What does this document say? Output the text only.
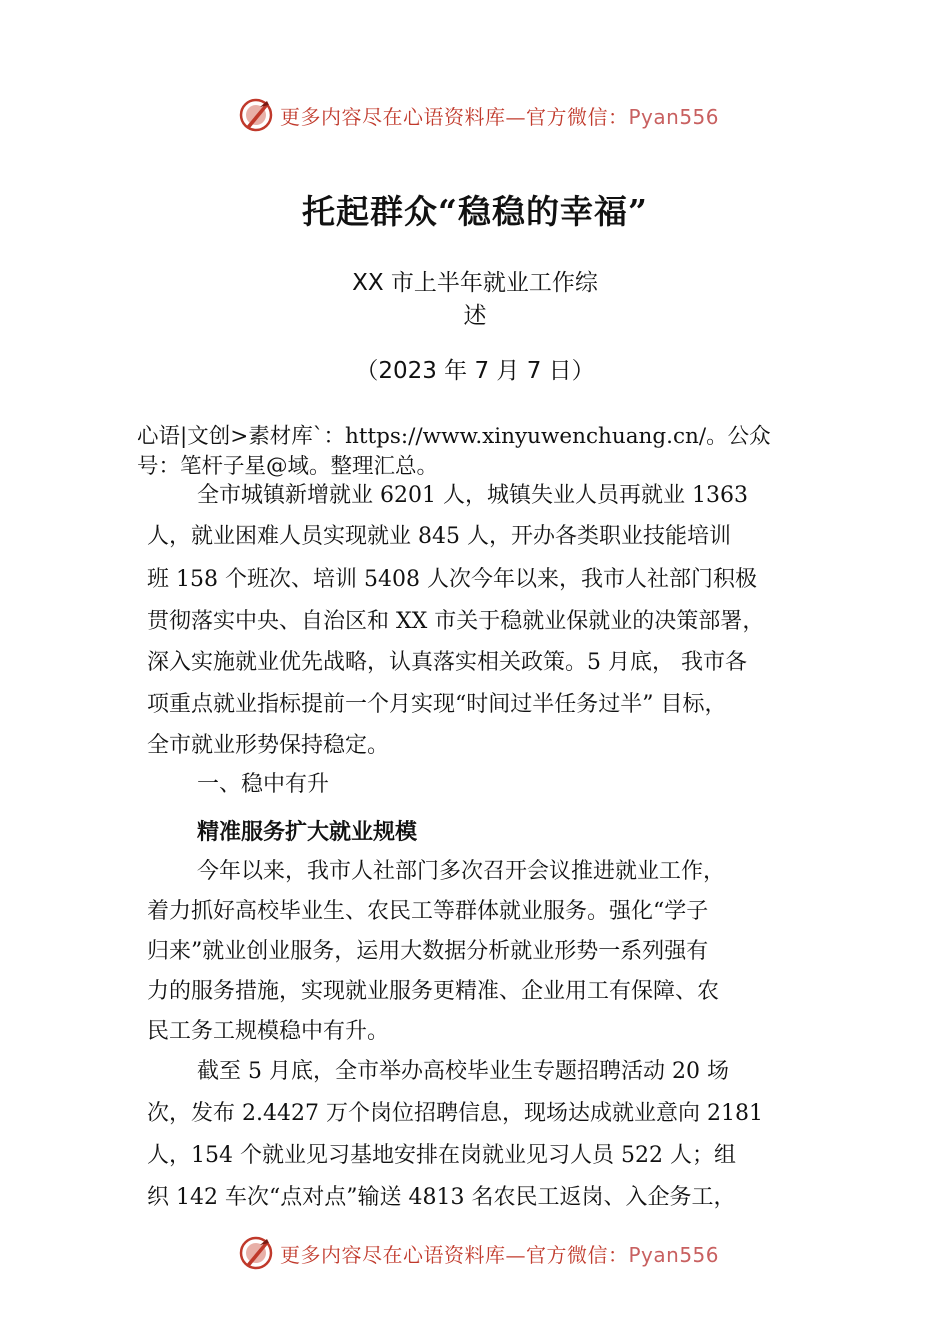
更多内容尽在心语资料库—官方微信：Pyan556
托起群众“稳稳的幸福”
XX 市上半年就业工作综
述
（2023 年 7 月 7 日）
心语|文创>素材库`：https://www.xinyuwenchuang.cn/。公众
号：笔杆子星@域。整理汇总。
全市城镇新增就业 6201 人，城镇失业人员再就业 1363
人，就业困难人员实现就业 845 人，开办各类职业技能培训
班 158 个班次、培训 5408 人次今年以来，我市人社部门积极
贯彻落实中央、自治区和 XX 市关于稳就业保就业的决策部署，
深入实施就业优先战略，认真落实相关政策。5 月底， 我市各
项重点就业指标提前一个月实现“时间过半任务过半” 目标，
全市就业形势保持稳定。
一、稳中有升
精准服务扩大就业规模
今年以来，我市人社部门多次召开会议推进就业工作，
着力抓好高校毕业生、农民工等群体就业服务。强化“学子
归来”就业创业服务，运用大数据分析就业形势一系列强有
力的服务措施，实现就业服务更精准、企业用工有保障、农
民工务工规模稳中有升。
截至 5 月底，全市举办高校毕业生专题招聘活动 20 场
次，发布 2.4427 万个岗位招聘信息，现场达成就业意向 2181
人，154 个就业见习基地安排在岗就业见习人员 522 人；组
织 142 车次“点对点”输送 4813 名农民工返岗、入企务工，
更多内容尽在心语资料库—官方微信：Pyan556
